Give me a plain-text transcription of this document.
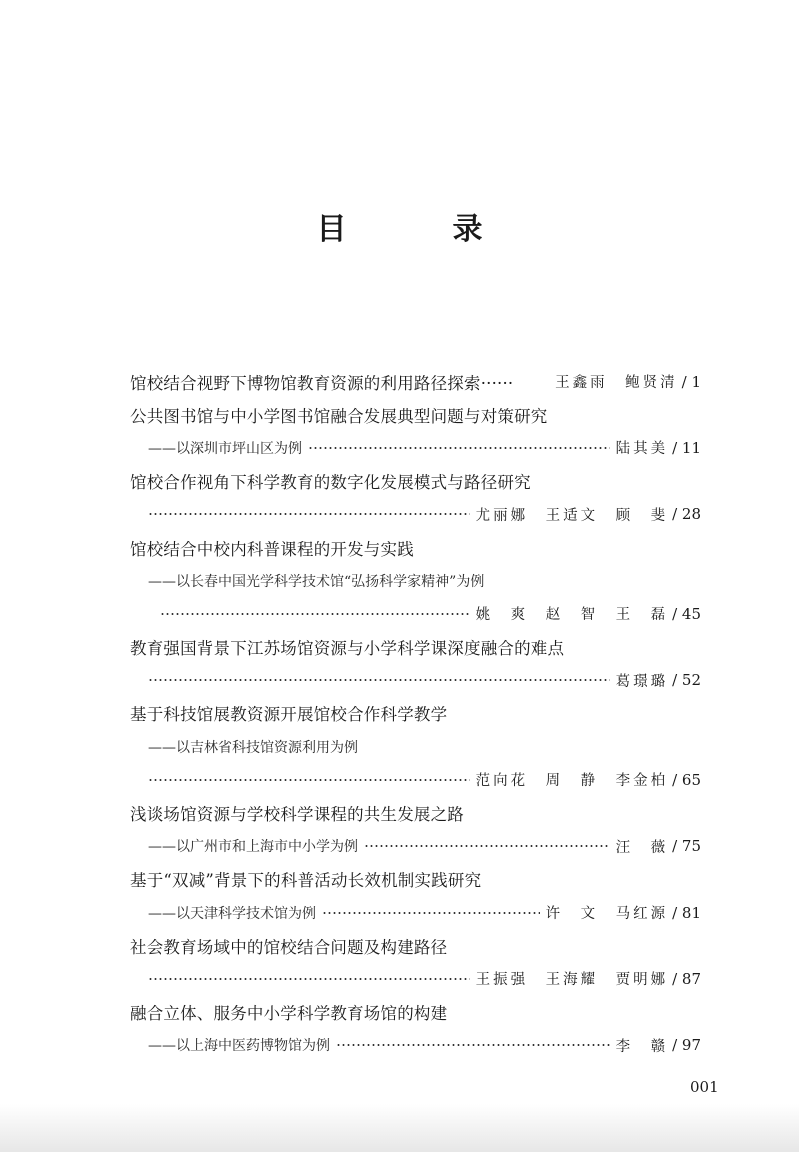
目　录
馆校结合视野下博物馆教育资源的利用路径探索······	王鑫雨　鲍贤清 / 1
公共图书馆与中小学图书馆融合发展典型问题与对策研究
——以深圳市坪山区为例	陆其美 / 11
馆校合作视角下科学教育的数字化发展模式与路径研究
尤丽娜　王适文　顾　斐 / 28
馆校结合中校内科普课程的开发与实践
——以长春中国光学科学技术馆“弘扬科学家精神”为例
姚　爽　赵　智　王　磊 / 45
教育强国背景下江苏场馆资源与小学科学课深度融合的难点
葛璟璐 / 52
基于科技馆展教资源开展馆校合作科学教学
——以吉林省科技馆资源利用为例
范向花　周　静　李金柏 / 65
浅谈场馆资源与学校科学课程的共生发展之路
——以广州市和上海市中小学为例	汪　薇 / 75
基于“双减”背景下的科普活动长效机制实践研究
——以天津科学技术馆为例	许　文　马红源 / 81
社会教育场域中的馆校结合问题及构建路径
王振强　王海耀　贾明娜 / 87
融合立体、服务中小学科学教育场馆的构建
——以上海中医药博物馆为例	李　赣 / 97
001
